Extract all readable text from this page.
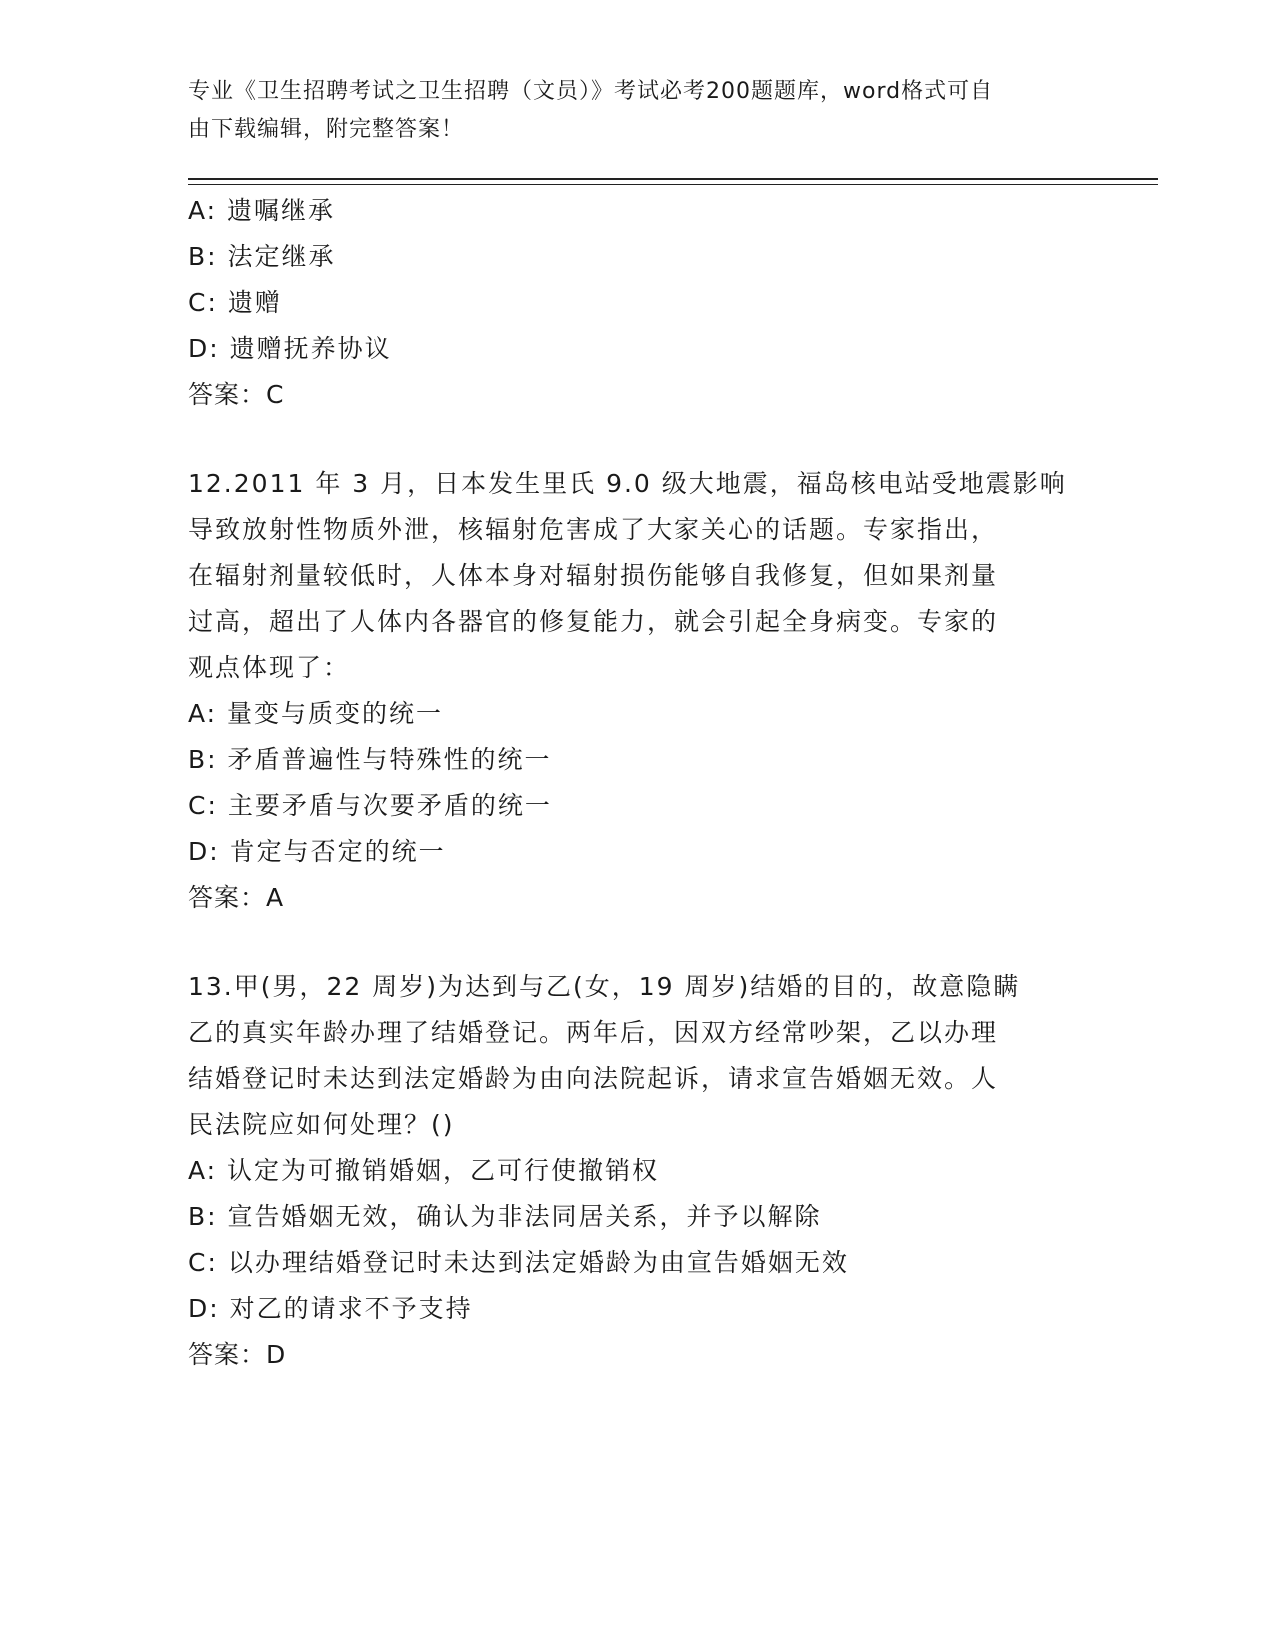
专业《卫生招聘考试之卫生招聘（文员）》考试必考200题题库，word格式可自
由下载编辑，附完整答案！
A: 遗嘱继承
B: 法定继承
C: 遗赠
D: 遗赠抚养协议
答案：C
12.2011 年 3 月，日本发生里氏 9.0 级大地震，福岛核电站受地震影响
导致放射性物质外泄，核辐射危害成了大家关心的话题。专家指出，
在辐射剂量较低时，人体本身对辐射损伤能够自我修复，但如果剂量
过高，超出了人体内各器官的修复能力，就会引起全身病变。专家的
观点体现了：
A: 量变与质变的统一
B: 矛盾普遍性与特殊性的统一
C: 主要矛盾与次要矛盾的统一
D: 肯定与否定的统一
答案：A
13.甲(男，22 周岁)为达到与乙(女，19 周岁)结婚的目的，故意隐瞒
乙的真实年龄办理了结婚登记。两年后，因双方经常吵架，乙以办理
结婚登记时未达到法定婚龄为由向法院起诉，请求宣告婚姻无效。人
民法院应如何处理？()
A: 认定为可撤销婚姻，乙可行使撤销权
B: 宣告婚姻无效，确认为非法同居关系，并予以解除
C: 以办理结婚登记时未达到法定婚龄为由宣告婚姻无效
D: 对乙的请求不予支持
答案：D
